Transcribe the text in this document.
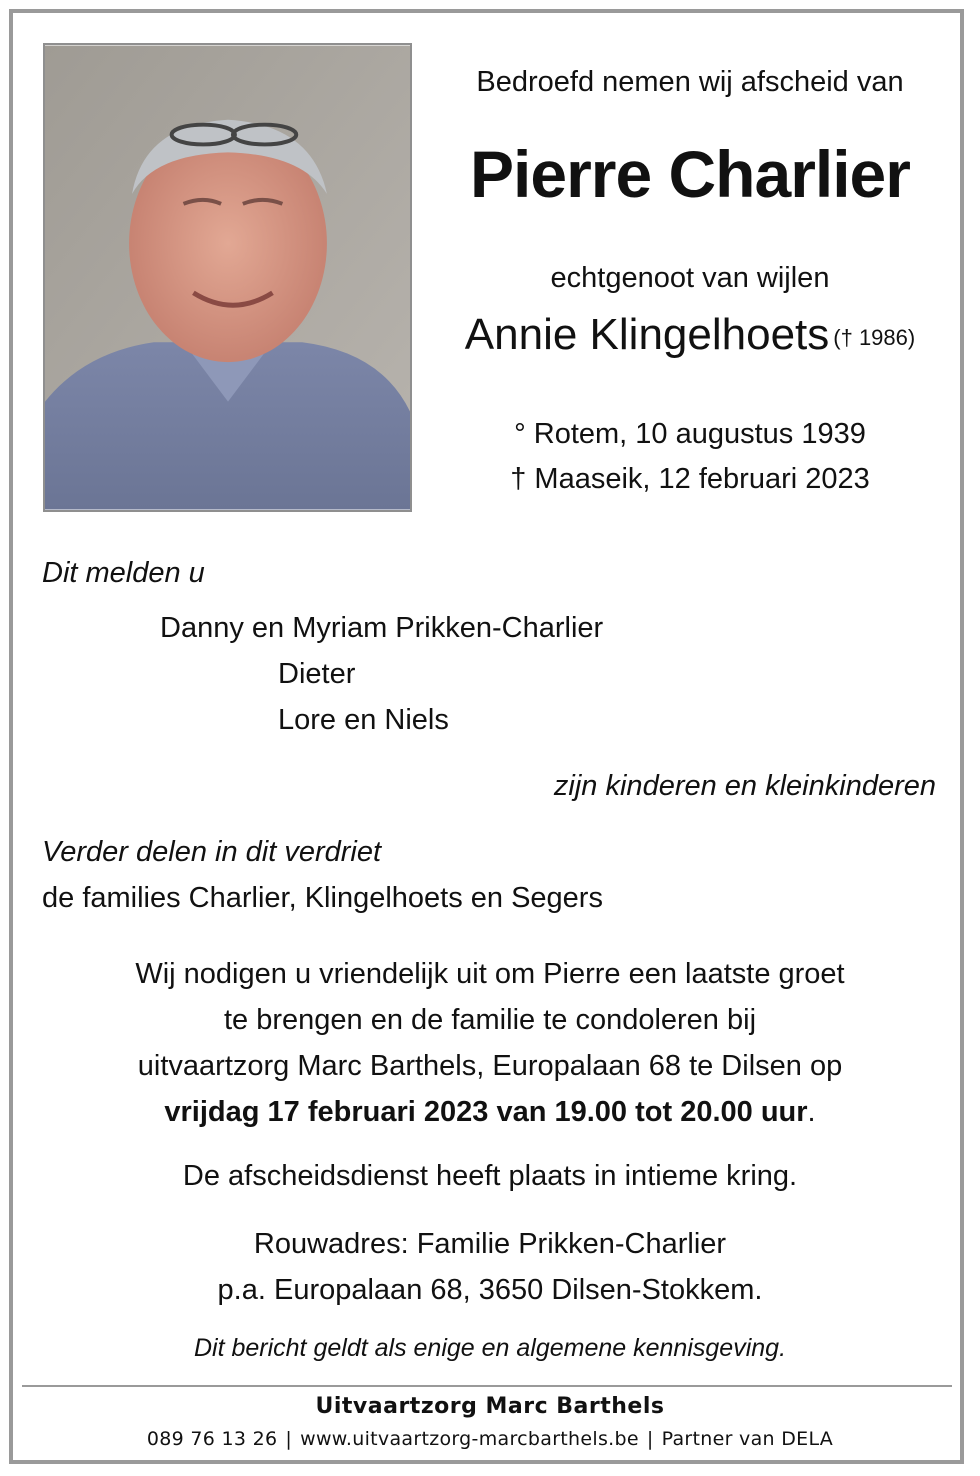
Bedroefd nemen wij afscheid van
Pierre Charlier
echtgenoot van wijlen
Annie Klingelhoets († 1986)
° Rotem, 10 augustus 1939
† Maaseik, 12 februari 2023
Dit melden u
Danny en Myriam Prikken-Charlier
Dieter
Lore en Niels
zijn kinderen en kleinkinderen
Verder delen in dit verdriet
de families Charlier, Klingelhoets en Segers
Wij nodigen u vriendelijk uit om Pierre een laatste groet
te brengen en de familie te condoleren bij
uitvaartzorg Marc Barthels, Europalaan 68 te Dilsen op
vrijdag 17 februari 2023 van 19.00 tot 20.00 uur.
De afscheidsdienst heeft plaats in intieme kring.
Rouwadres: Familie Prikken-Charlier
p.a. Europalaan 68, 3650 Dilsen-Stokkem.
Dit bericht geldt als enige en algemene kennisgeving.
Uitvaartzorg Marc Barthels
089 76 13 26 | www.uitvaartzorg-marcbarthels.be | Partner van DELA
